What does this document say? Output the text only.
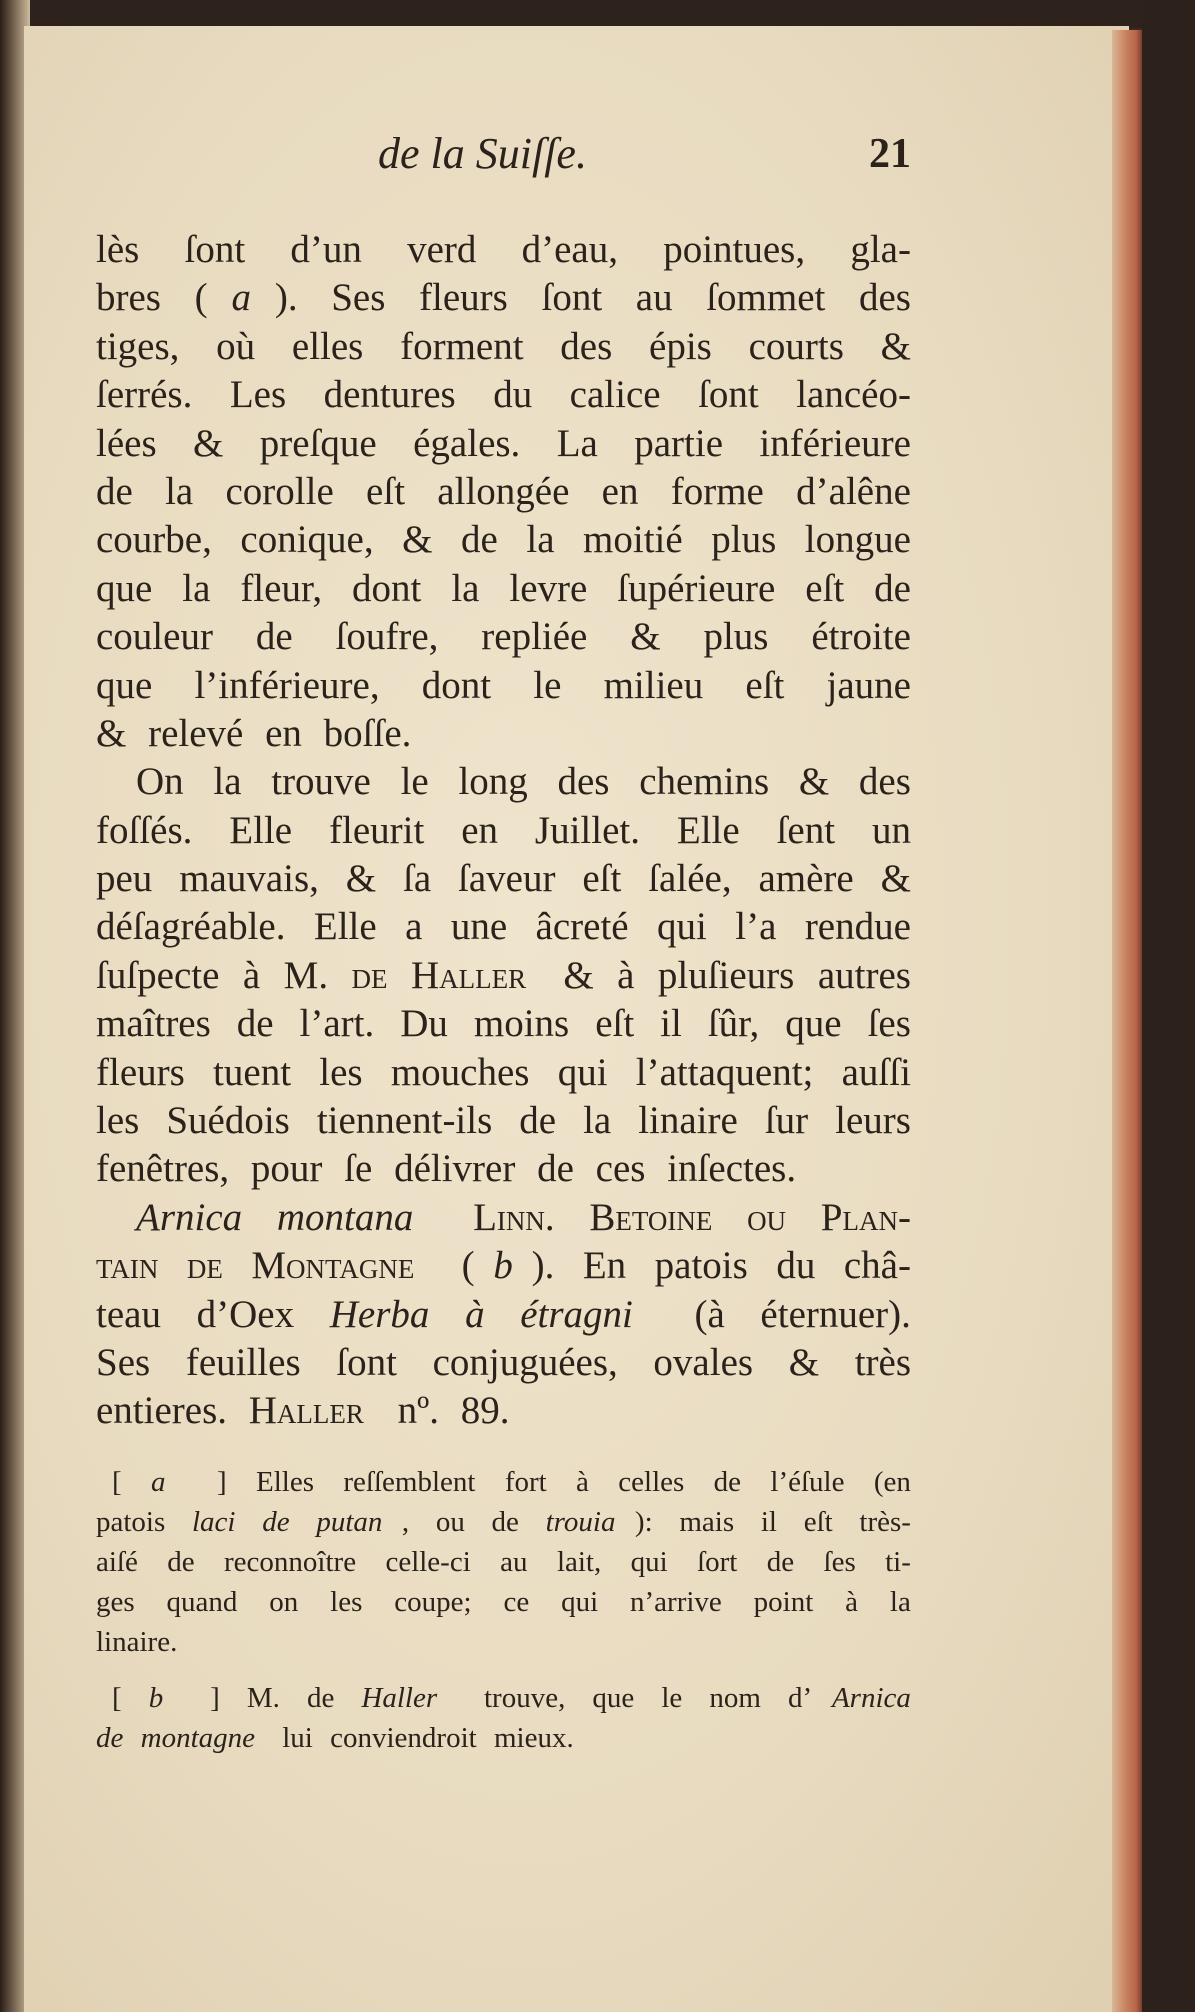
de la Suiſſe.	21
lès ſont d’un verd d’eau, pointues, gla-
bres ( a ). Ses fleurs ſont au ſommet des
tiges, où elles forment des épis courts &
ſerrés. Les dentures du calice ſont lancéo-
lées & preſque égales. La partie inférieure
de la corolle eſt allongée en forme d’alêne
courbe, conique, & de la moitié plus longue
que la fleur, dont la levre ſupérieure eſt de
couleur de ſoufre, repliée & plus étroite
que l’inférieure, dont le milieu eſt jaune
& relevé en boſſe.
On la trouve le long des chemins & des
foſſés. Elle fleurit en Juillet. Elle ſent un
peu mauvais, & ſa ſaveur eſt ſalée, amère &
déſagréable. Elle a une âcreté qui l’a rendue
ſuſpecte à M. de Haller
& à pluſieurs autres
maîtres de l’art. Du moins eſt il ſûr, que ſes
fleurs tuent les mouches qui l’attaquent; auſſi
les Suédois tiennent-ils de la linaire ſur leurs
fenêtres, pour ſe délivrer de ces inſectes.
Arnica montana
Linn. Betoine ou Plan-
tain de Montagne
( b ). En patois du châ-
teau d’Oex Herba à étragni
(à éternuer).
Ses feuilles ſont conjuguées, ovales & très
entieres. Haller
nº. 89.
[ a
] Elles reſſemblent fort à celles de l’éſule (en
patois laci de putan , ou de trouia ): mais il eſt très-
aiſé de reconnoître celle-ci au lait, qui ſort de ſes ti-
ges quand on les coupe; ce qui n’arrive point à la
linaire.
[ b
] M. de Haller
trouve, que le nom d’ Arnica
de montagne
lui conviendroit mieux.
